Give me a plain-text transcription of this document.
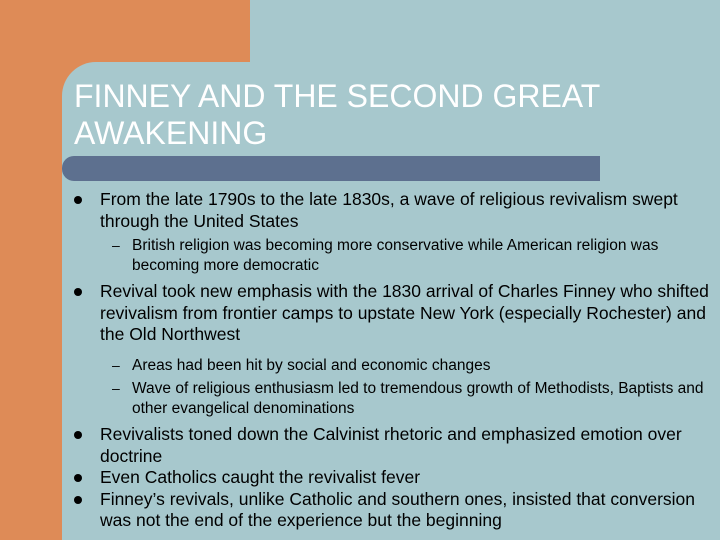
FINNEY AND THE SECOND GREAT AWAKENING
From the late 1790s to the late 1830s, a wave of religious revivalism swept through the United States
– British religion was becoming more conservative while American religion was becoming more democratic
Revival took new emphasis with the 1830 arrival of Charles Finney who shifted revivalism from frontier camps to upstate New York (especially Rochester) and the Old Northwest
– Areas had been hit by social and economic changes
– Wave of religious enthusiasm led to tremendous growth of Methodists, Baptists and other evangelical denominations
Revivalists toned down the Calvinist rhetoric and emphasized emotion over doctrine
Even Catholics caught the revivalist fever
Finney’s revivals, unlike Catholic and southern ones, insisted that conversion was not the end of the experience but the beginning
